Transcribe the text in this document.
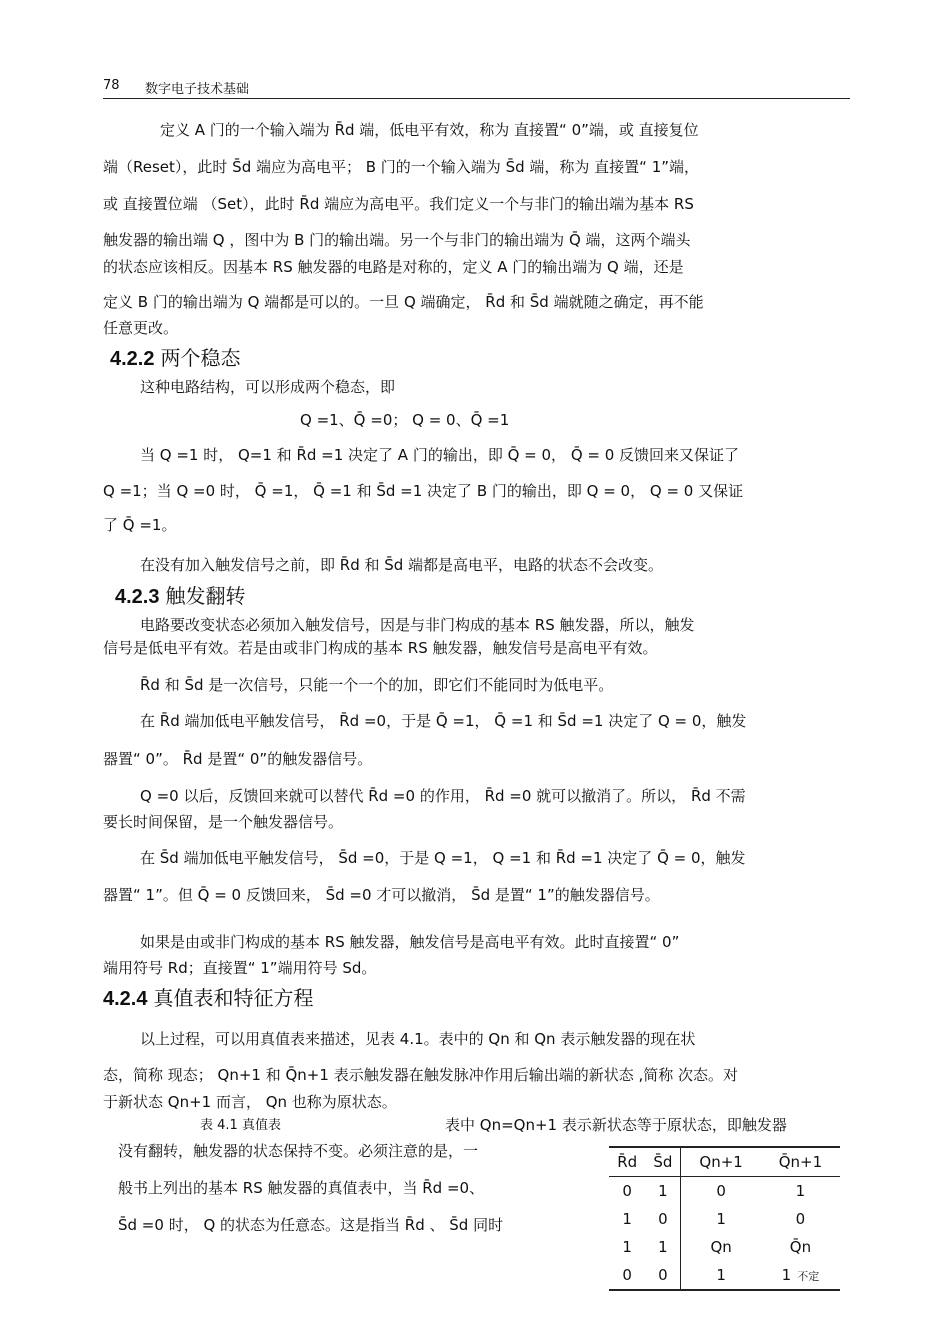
78 数字电子技术基础
定义 A 门的一个输入端为 R̄d 端，低电平有效，称为 直接置“ 0”端，或 直接复位
端（Reset），此时 S̄d 端应为高电平； B 门的一个输入端为 S̄d 端，称为 直接置“ 1”端，
或 直接置位端 （Set），此时 R̄d 端应为高电平。我们定义一个与非门的输出端为基本 RS
触发器的输出端 Q ，图中为 B 门的输出端。另一个与非门的输出端为 Q̄ 端，这两个端头
的状态应该相反。因基本 RS 触发器的电路是对称的，定义 A 门的输出端为 Q 端，还是
定义 B 门的输出端为 Q 端都是可以的。一旦 Q 端确定， R̄d 和 S̄d 端就随之确定，再不能
任意更改。
4.2.2 两个稳态
这种电路结构，可以形成两个稳态，即
Q =1、Q̄ =0； Q = 0、Q̄ =1
当 Q =1 时， Q=1 和 R̄d =1 决定了 A 门的输出，即 Q̄ = 0， Q̄ = 0 反馈回来又保证了
Q =1；当 Q =0 时， Q̄ =1， Q̄ =1 和 S̄d =1 决定了 B 门的输出，即 Q = 0， Q = 0 又保证
了 Q̄ =1。
在没有加入触发信号之前，即 R̄d 和 S̄d 端都是高电平，电路的状态不会改变。
4.2.3 触发翻转
电路要改变状态必须加入触发信号，因是与非门构成的基本 RS 触发器，所以，触发
信号是低电平有效。若是由或非门构成的基本 RS 触发器，触发信号是高电平有效。
R̄d 和 S̄d 是一次信号，只能一个一个的加，即它们不能同时为低电平。
在 R̄d 端加低电平触发信号， R̄d =0，于是 Q̄ =1， Q̄ =1 和 S̄d =1 决定了 Q = 0，触发
器置“ 0”。 R̄d 是置“ 0”的触发器信号。
Q =0 以后，反馈回来就可以替代 R̄d =0 的作用， R̄d =0 就可以撤消了。所以， R̄d 不需
要长时间保留，是一个触发器信号。
在 S̄d 端加低电平触发信号， S̄d =0，于是 Q =1， Q =1 和 R̄d =1 决定了 Q̄ = 0，触发
器置“ 1”。但 Q̄ = 0 反馈回来， S̄d =0 才可以撤消， S̄d 是置“ 1”的触发器信号。
如果是由或非门构成的基本 RS 触发器，触发信号是高电平有效。此时直接置“ 0”
端用符号 Rd；直接置“ 1”端用符号 Sd。
4.2.4 真值表和特征方程
以上过程，可以用真值表来描述，见表 4.1。表中的 Qn 和 Qn 表示触发器的现在状
态，简称 现态； Qn+1 和 Q̄n+1 表示触发器在触发脉冲作用后输出端的新状态 ,简称 次态。对
于新状态 Qn+1 而言， Qn 也称为原状态。
表中 Qn=Qn+1 表示新状态等于原状态，即触发器
没有翻转，触发器的状态保持不变。必须注意的是，一
般书上列出的基本 RS 触发器的真值表中，当 R̄d =0、
S̄d =0 时， Q 的状态为任意态。这是指当 R̄d 、 S̄d 同时
表 4.1 真值表
R̄d	S̄d	Qn+1	Q̄n+1
0	1	0	1
1	0	1	0
1	1	Qn	Q̄n
0	0	1	1 不定
